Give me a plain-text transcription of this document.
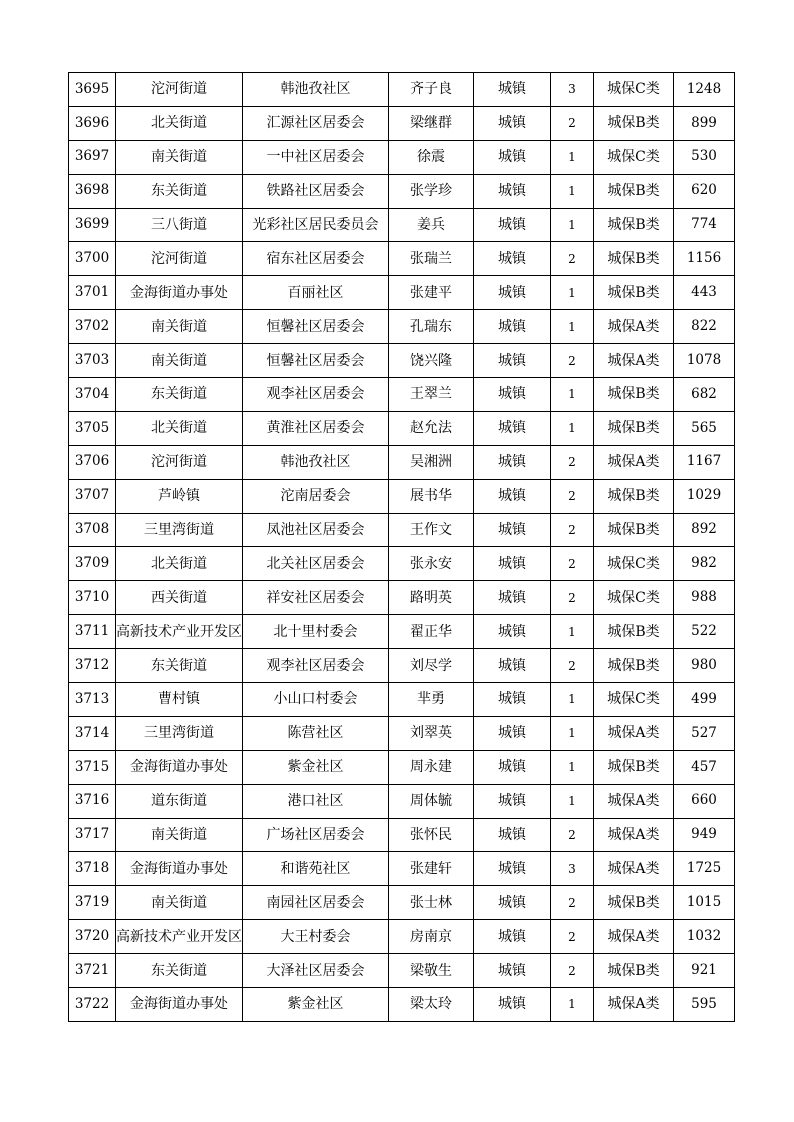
3695	沱河街道	韩池孜社区	齐子良	城镇	3	城保C类	1248
3696	北关街道	汇源社区居委会	梁继群	城镇	2	城保B类	899
3697	南关街道	一中社区居委会	徐震	城镇	1	城保C类	530
3698	东关街道	铁路社区居委会	张学珍	城镇	1	城保B类	620
3699	三八街道	光彩社区居民委员会	姜兵	城镇	1	城保B类	774
3700	沱河街道	宿东社区居委会	张瑞兰	城镇	2	城保B类	1156
3701	金海街道办事处	百丽社区	张建平	城镇	1	城保B类	443
3702	南关街道	恒馨社区居委会	孔瑞东	城镇	1	城保A类	822
3703	南关街道	恒馨社区居委会	饶兴隆	城镇	2	城保A类	1078
3704	东关街道	观李社区居委会	王翠兰	城镇	1	城保B类	682
3705	北关街道	黄淮社区居委会	赵允法	城镇	1	城保B类	565
3706	沱河街道	韩池孜社区	吴湘洲	城镇	2	城保A类	1167
3707	芦岭镇	沱南居委会	展书华	城镇	2	城保B类	1029
3708	三里湾街道	凤池社区居委会	王作文	城镇	2	城保B类	892
3709	北关街道	北关社区居委会	张永安	城镇	2	城保C类	982
3710	西关街道	祥安社区居委会	路明英	城镇	2	城保C类	988
3711	高新技术产业开发区	北十里村委会	翟正华	城镇	1	城保B类	522
3712	东关街道	观李社区居委会	刘尽学	城镇	2	城保B类	980
3713	曹村镇	小山口村委会	芈勇	城镇	1	城保C类	499
3714	三里湾街道	陈营社区	刘翠英	城镇	1	城保A类	527
3715	金海街道办事处	紫金社区	周永建	城镇	1	城保B类	457
3716	道东街道	港口社区	周体毓	城镇	1	城保A类	660
3717	南关街道	广场社区居委会	张怀民	城镇	2	城保A类	949
3718	金海街道办事处	和谐苑社区	张建轩	城镇	3	城保A类	1725
3719	南关街道	南园社区居委会	张士林	城镇	2	城保B类	1015
3720	高新技术产业开发区	大王村委会	房南京	城镇	2	城保A类	1032
3721	东关街道	大泽社区居委会	梁敬生	城镇	2	城保B类	921
3722	金海街道办事处	紫金社区	梁太玲	城镇	1	城保A类	595
